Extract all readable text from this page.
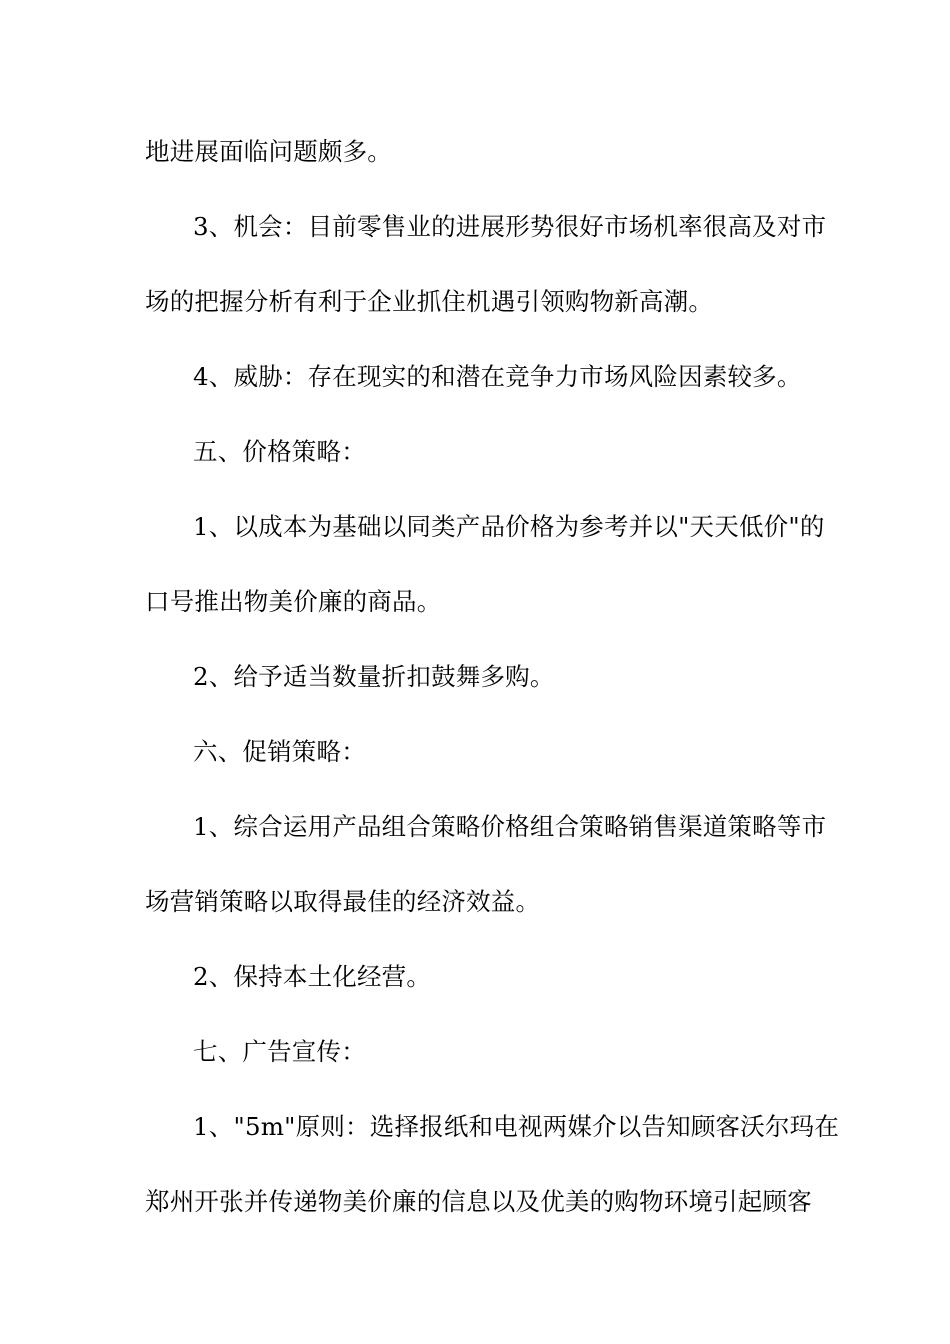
地进展面临问题颇多。
3、机会：目前零售业的进展形势很好市场机率很高及对市
场的把握分析有利于企业抓住机遇引领购物新高潮。
4、威胁：存在现实的和潜在竞争力市场风险因素较多。
五、价格策略：
1、以成本为基础以同类产品价格为参考并以"天天低价"的
口号推出物美价廉的商品。
2、给予适当数量折扣鼓舞多购。
六、促销策略：
1、综合运用产品组合策略价格组合策略销售渠道策略等市
场营销策略以取得最佳的经济效益。
2、保持本土化经营。
七、广告宣传：
1、"5m"原则：选择报纸和电视两媒介以告知顾客沃尔玛在
郑州开张并传递物美价廉的信息以及优美的购物环境引起顾客
